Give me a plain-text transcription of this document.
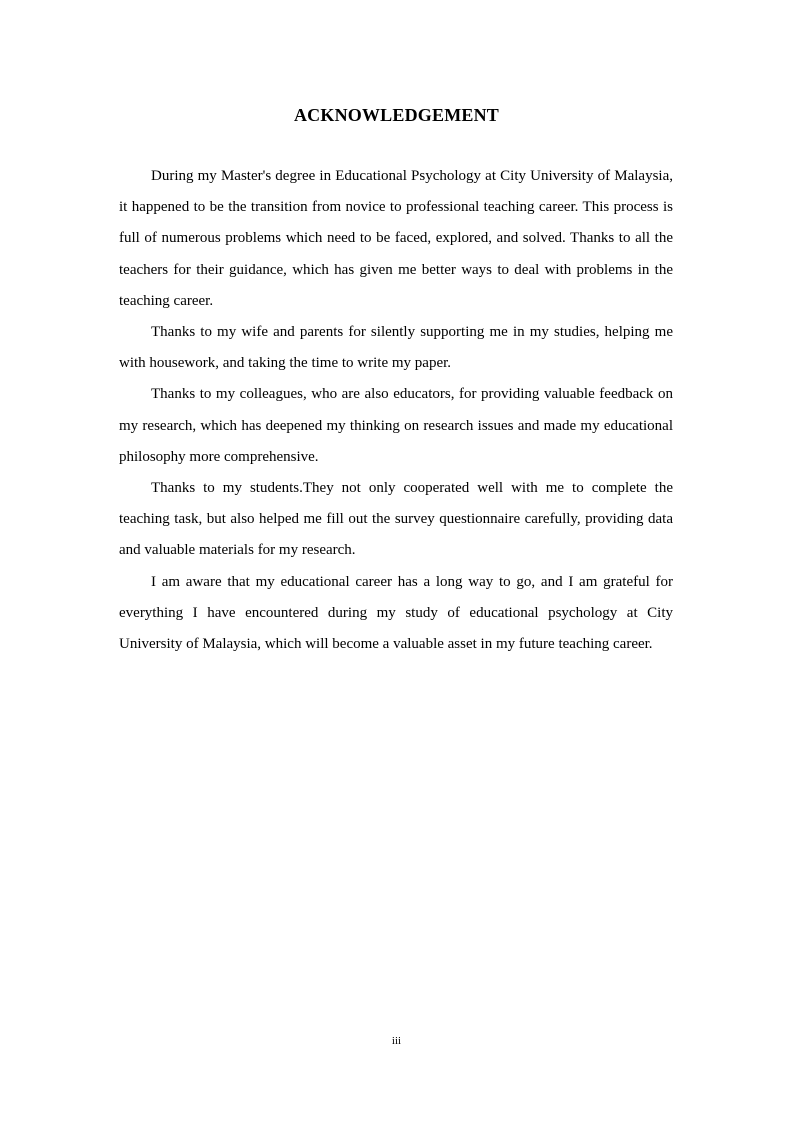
ACKNOWLEDGEMENT

During my Master's degree in Educational Psychology at City University of Malaysia, it happened to be the transition from novice to professional teaching career. This process is full of numerous problems which need to be faced, explored, and solved. Thanks to all the teachers for their guidance, which has given me better ways to deal with problems in the teaching career.

Thanks to my wife and parents for silently supporting me in my studies, helping me with housework, and taking the time to write my paper.

Thanks to my colleagues, who are also educators, for providing valuable feedback on my research, which has deepened my thinking on research issues and made my educational philosophy more comprehensive.

Thanks to my students.They not only cooperated well with me to complete the teaching task, but also helped me fill out the survey questionnaire carefully, providing data and valuable materials for my research.

I am aware that my educational career has a long way to go, and I am grateful for everything I have encountered during my study of educational psychology at City University of Malaysia, which will become a valuable asset in my future teaching career.

iii
